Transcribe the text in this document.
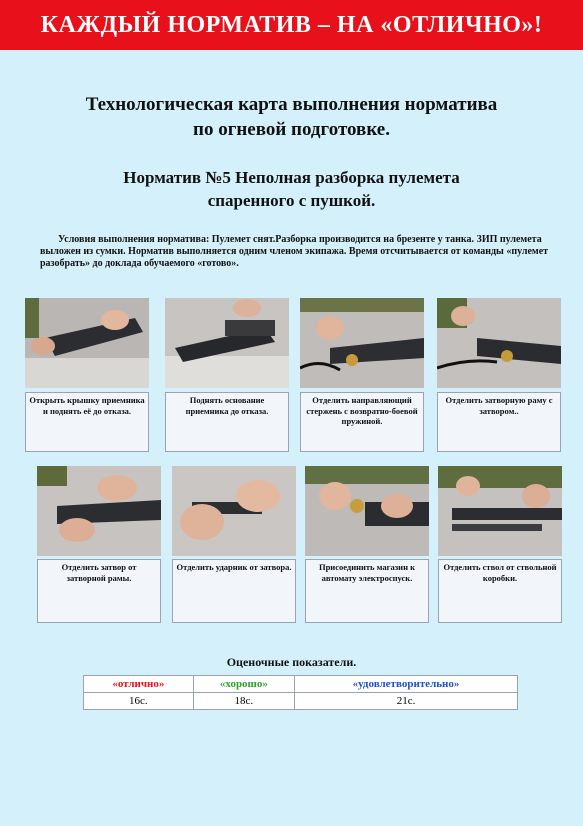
КАЖДЫЙ НОРМАТИВ – НА «ОТЛИЧНО»!
Технологическая карта выполнения норматива
по огневой подготовке.
Норматив №5 Неполная разборка пулемета
спаренного с пушкой.
Условия выполнения норматива: Пулемет снят.Разборка производится на брезенте у танка. ЗИП пулемета выложен из сумки. Норматив выполняется одним членом экипажа. Время отсчитывается от команды «пулемет разобрать» до доклада обучаемого «готово».
Открыть крышку приемника и поднять её до отказа.
Поднять основание приемника до отказа.
Отделить направляющий стержень с возвратно-боевой пружиной.
Отделить затворную раму с затвором..
Отделить затвор от затворной рамы.
Отделить ударник от затвора.	Присоединить магазин к автомату электроспуск.
Отделить ствол от ствольной коробки.
Оценочные показатели.
«отлично»	«хорошо»	«удовлетворительно»
16с.	18с.	21с.
